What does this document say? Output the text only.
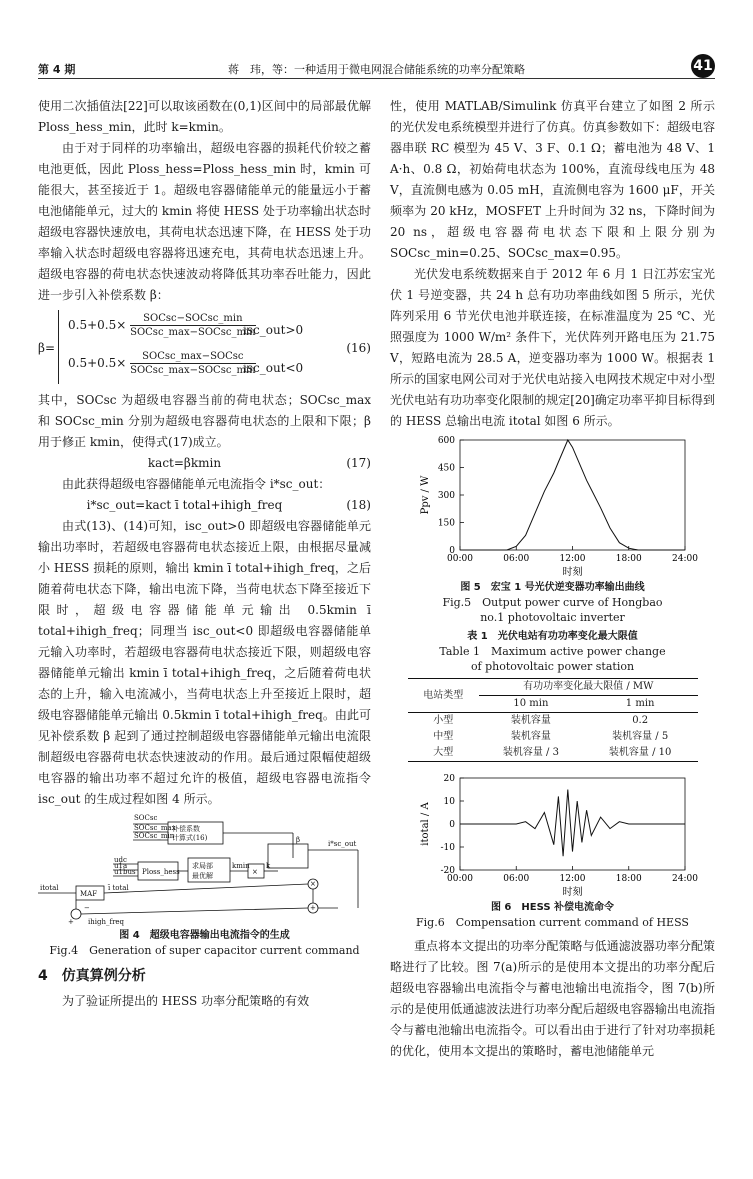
第 4 期	蒋　玮，等：一种适用于微电网混合储能系统的功率分配策略	41

使用二次插值法[22]可以取该函数在(0,1)区间中的局部最优解 Ploss_hess_min，此时 k=kmin。

由于对于同样的功率输出，超级电容器的损耗代价较之蓄电池更低，因此 Ploss_hess=Ploss_hess_min 时，kmin 可能很大，甚至接近于 1。超级电容器储能单元的能量远小于蓄电池储能单元，过大的 kmin 将使 HESS 处于功率输出状态时超级电容器快速放电，其荷电状态迅速下降，在 HESS 处于功率输入状态时超级电容器将迅速充电，其荷电状态迅速上升。超级电容器的荷电状态快速波动将降低其功率吞吐能力，因此进一步引入补偿系数 β：

β=
$0.5+0.5\times \frac{\text{SOCsc−SOCsc\_min}}{\text{SOCsc\_max−SOCsc\_min}}$
isc_out>0
$0.5+0.5\times \frac{\text{SOCsc\_max−SOCsc}}{\text{SOCsc\_max−SOCsc\_min}}$
isc_out<0
(16)

其中，SOCsc 为超级电容器当前的荷电状态；SOCsc_max 和 SOCsc_min 分别为超级电容器荷电状态的上限和下限；β 用于修正 kmin，使得式(17)成立。

kact=βkmin	(17)

由此获得超级电容器储能单元电流指令 i*sc_out：

i*sc_out=kact ī total+ihigh_freq	(18)

由式(13)、(14)可知，isc_out>0 即超级电容器储能单元输出功率时，若超级电容器荷电状态接近上限，由根据尽量减小 HESS 损耗的原则，输出 kmin ī total+ihigh_freq，之后随着荷电状态下降，输出电流下降，当荷电状态下降至接近下限时，超级电容器储能单元输出 0.5kmin ī total+ihigh_freq；同理当 isc_out<0 即超级电容器储能单元输入功率时，若超级电容器荷电状态接近下限，则超级电容器储能单元输出 kmin ī total+ihigh_freq，之后随着荷电状态的上升，输入电流减小，当荷电状态上升至接近上限时，超级电容器储能单元输出 0.5kmin ī total+ihigh_freq。由此可见补偿系数 β 起到了通过控制超级电容器储能单元输出电流限制超级电容器荷电状态快速波动的作用。最后通过限幅使超级电容器的输出功率不超过允许的极值，超级电容器电流指令 isc_out 的生成过程如图 4 所示。

SOCsc
SOCsc_max
SOCsc_min
补偿系数
计算式(16)	β
udc
u1a
u1bus Ploss_hess
求局部
最优解
kmin
×
k
×
+
MAF
itotal	ī total
−
+ ihigh_freq
i*sc_out
图 4　超级电容器输出电流指令的生成
Fig.4　Generation of super capacitor current command
4　仿真算例分析

为了验证所提出的 HESS 功率分配策略的有效

性，使用 MATLAB/Simulink 仿真平台建立了如图 2 所示的光伏发电系统模型并进行了仿真。仿真参数如下：超级电容器串联 RC 模型为 45 V、3 F、0.1 Ω；蓄电池为 48 V、1 A·h、0.8 Ω，初始荷电状态为 100%，直流母线电压为 48 V，直流侧电感为 0.05 mH，直流侧电容为 1600 μF，开关频率为 20 kHz，MOSFET 上升时间为 32 ns，下降时间为 20 ns，超级电容器荷电状态下限和上限分别为 SOCsc_min=0.25、SOCsc_max=0.95。

光伏发电系统数据来自于 2012 年 6 月 1 日江苏宏宝光伏 1 号逆变器，共 24 h 总有功功率曲线如图 5 所示，光伏阵列采用 6 节光伏电池并联连接，在标准温度为 25 ℃、光照强度为 1000 W/m² 条件下，光伏阵列开路电压为 21.75 V，短路电流为 28.5 A，逆变器功率为 1000 W。根据表 1 所示的国家电网公司对于光伏电站接入电网技术规定中对小型光伏电站有功功率变化限制的规定[20]确定功率平抑目标得到的 HESS 总输出电流 itotal 如图 6 所示。

0
150
300
450
600
00:00	06:00	12:00	18:00	24:00
时刻
Ppv / W
图 5　宏宝 1 号光伏逆变器功率输出曲线
Fig.5　Output power curve of Hongbao
no.1 photovoltaic inverter
表 1　光伏电站有功功率变化最大限值
Table 1　Maximum active power change
of photovoltaic power station
电站类型	有功功率变化最大限值 / MW	
	10 min	1 min
小型	装机容量	0.2
中型	装机容量	装机容量 / 5
大型	装机容量 / 3	装机容量 / 10
-20
-10
0
10
20
00:00	06:00	12:00	18:00	24:00
时刻
itotal / A
图 6　HESS 补偿电流命令
Fig.6　Compensation current command of HESS

重点将本文提出的功率分配策略与低通滤波器功率分配策略进行了比较。图 7(a)所示的是使用本文提出的功率分配后超级电容器输出电流指令与蓄电池输出电流指令，图 7(b)所示的是使用低通滤波法进行功率分配后超级电容器输出电流指令与蓄电池输出电流指令。可以看出由于进行了针对功率损耗的优化，使用本文提出的策略时，蓄电池储能单元
